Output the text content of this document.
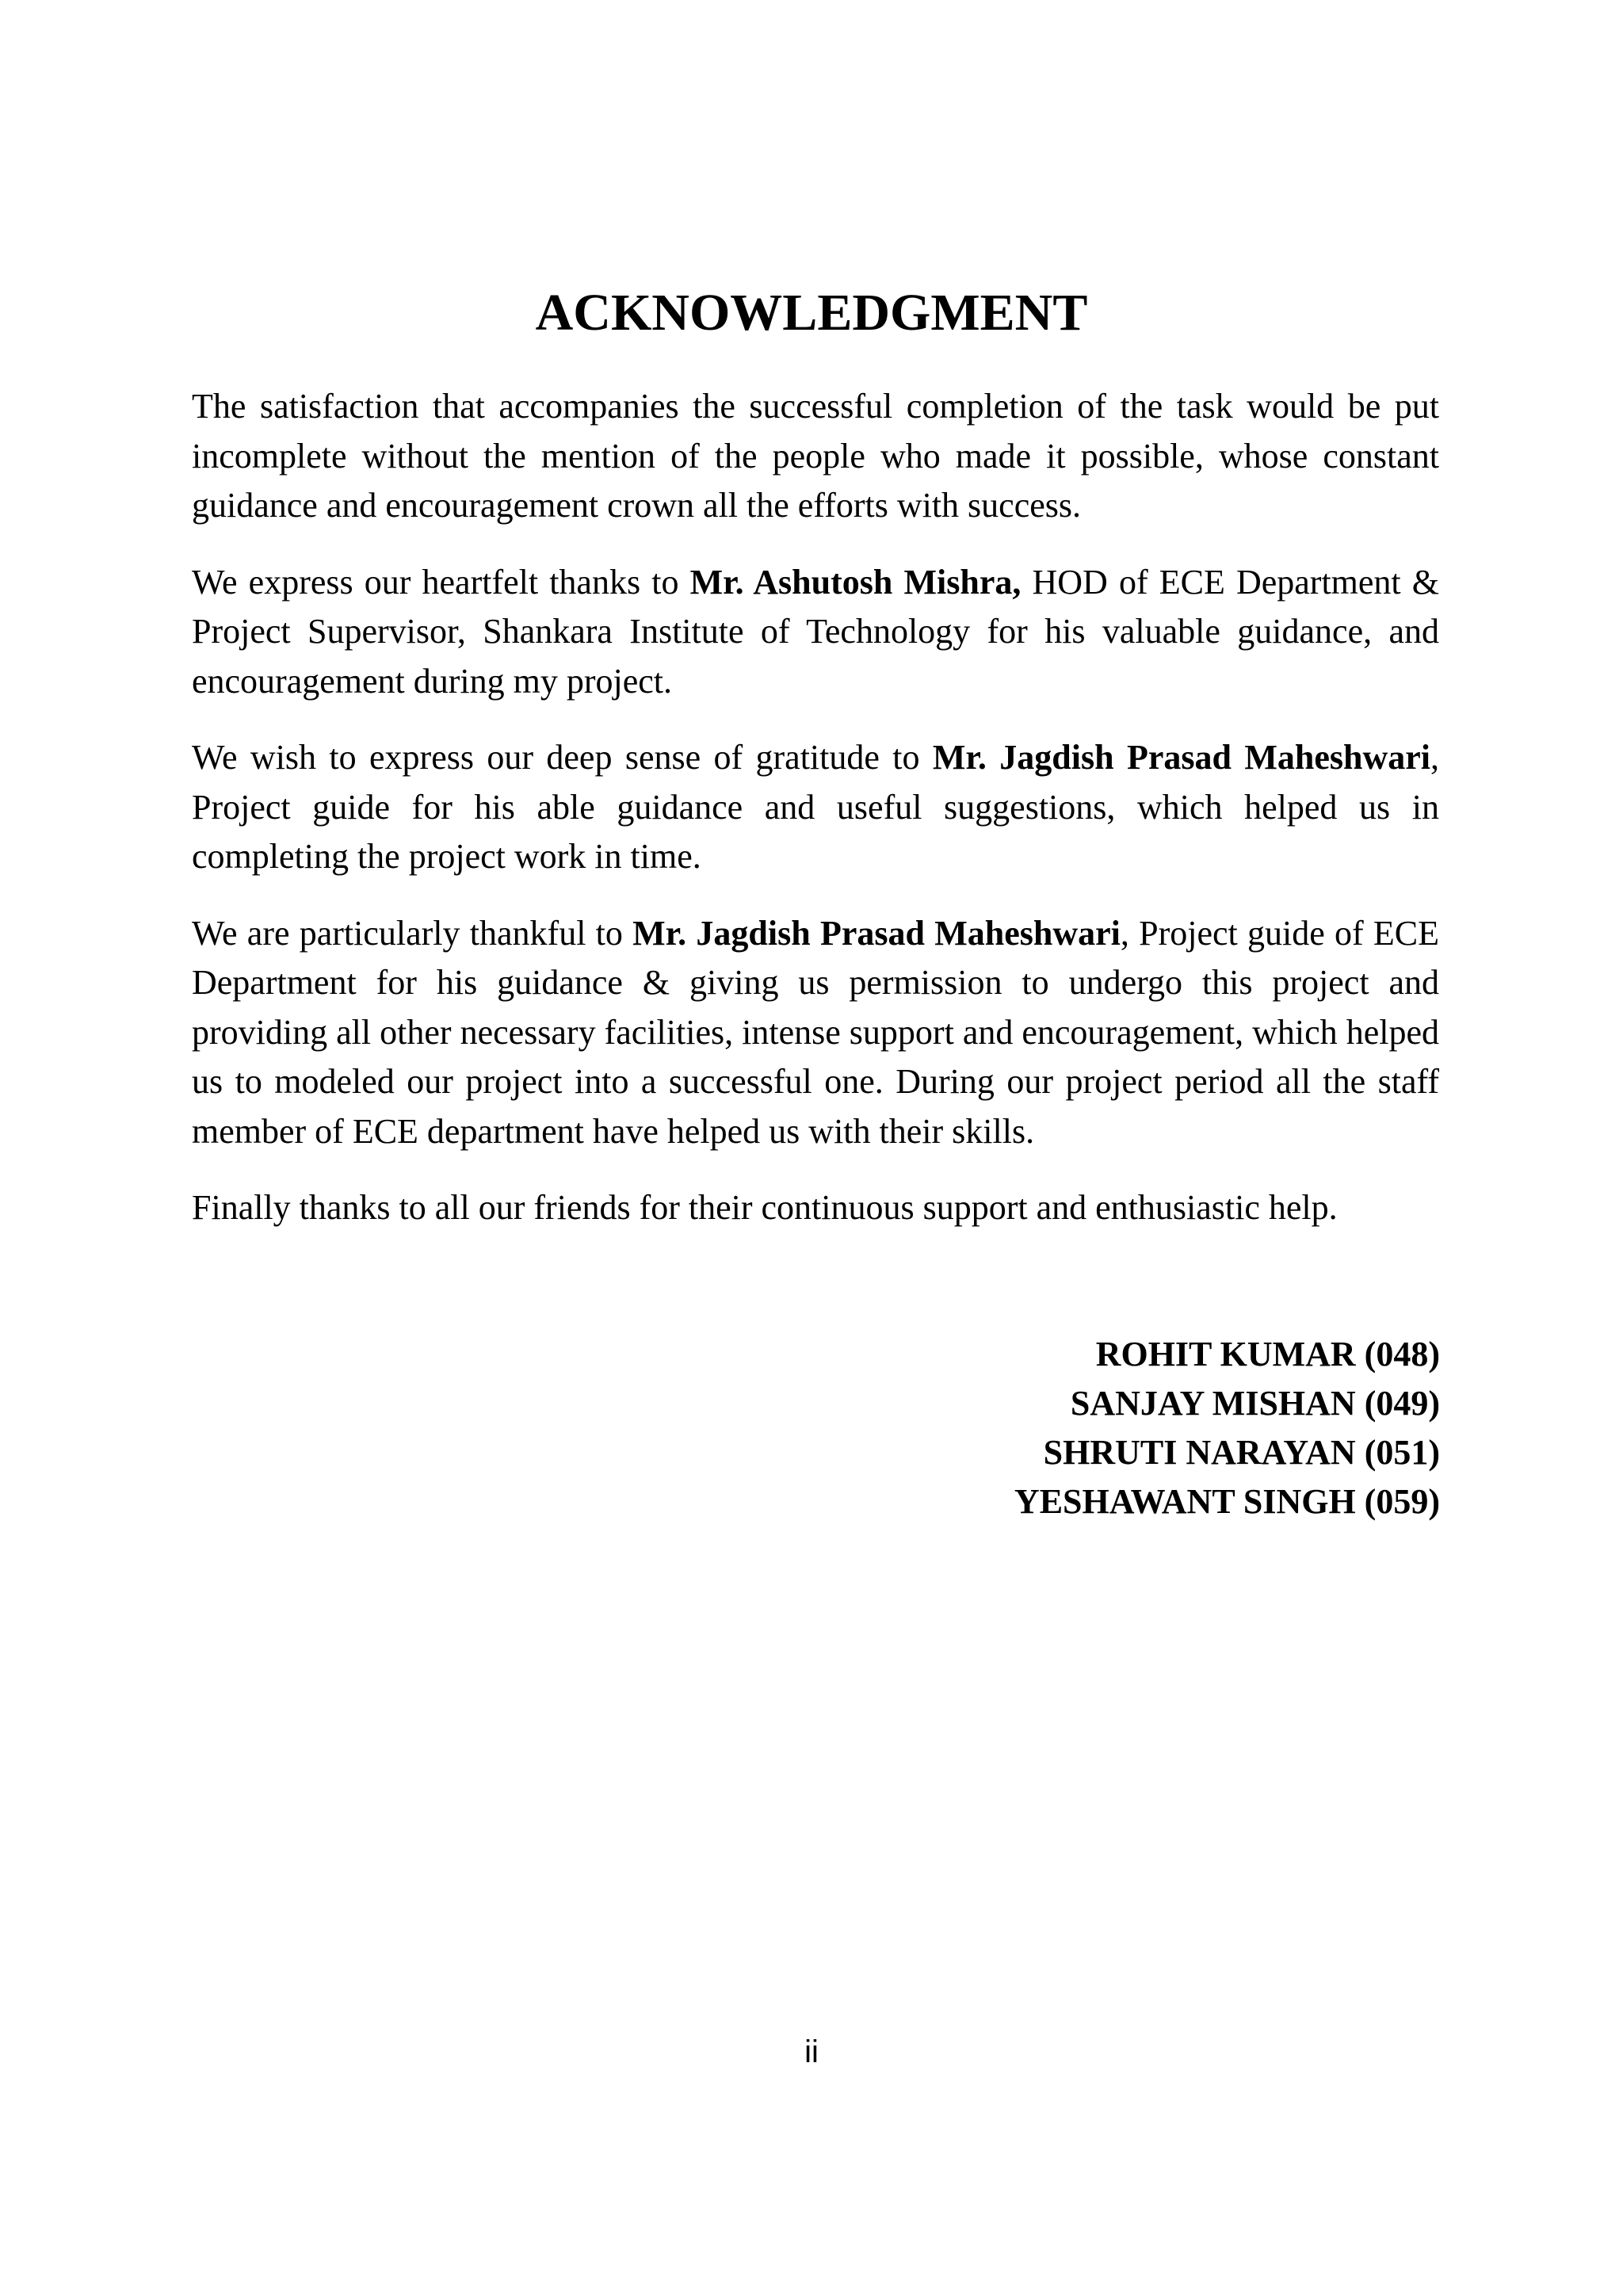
ACKNOWLEDGMENT

The satisfaction that accompanies the successful completion of the task would be put incomplete without the mention of the people who made it possible, whose constant guidance and encouragement crown all the efforts with success.

We express our heartfelt thanks to Mr. Ashutosh Mishra, HOD of ECE Department & Project Supervisor, Shankara Institute of Technology for his valuable guidance, and encouragement during my project.

We wish to express our deep sense of gratitude to Mr. Jagdish Prasad Maheshwari, Project guide for his able guidance and useful suggestions, which helped us in completing the project work in time.

We are particularly thankful to Mr. Jagdish Prasad Maheshwari, Project guide of ECE Department for his guidance & giving us permission to undergo this project and providing all other necessary facilities, intense support and encouragement, which helped us to modeled our project into a successful one. During our project period all the staff member of ECE department have helped us with their skills.

Finally thanks to all our friends for their continuous support and enthusiastic help.

ROHIT KUMAR (048)
SANJAY MISHAN (049)
SHRUTI NARAYAN (051)
YESHAWANT SINGH (059)
ii
